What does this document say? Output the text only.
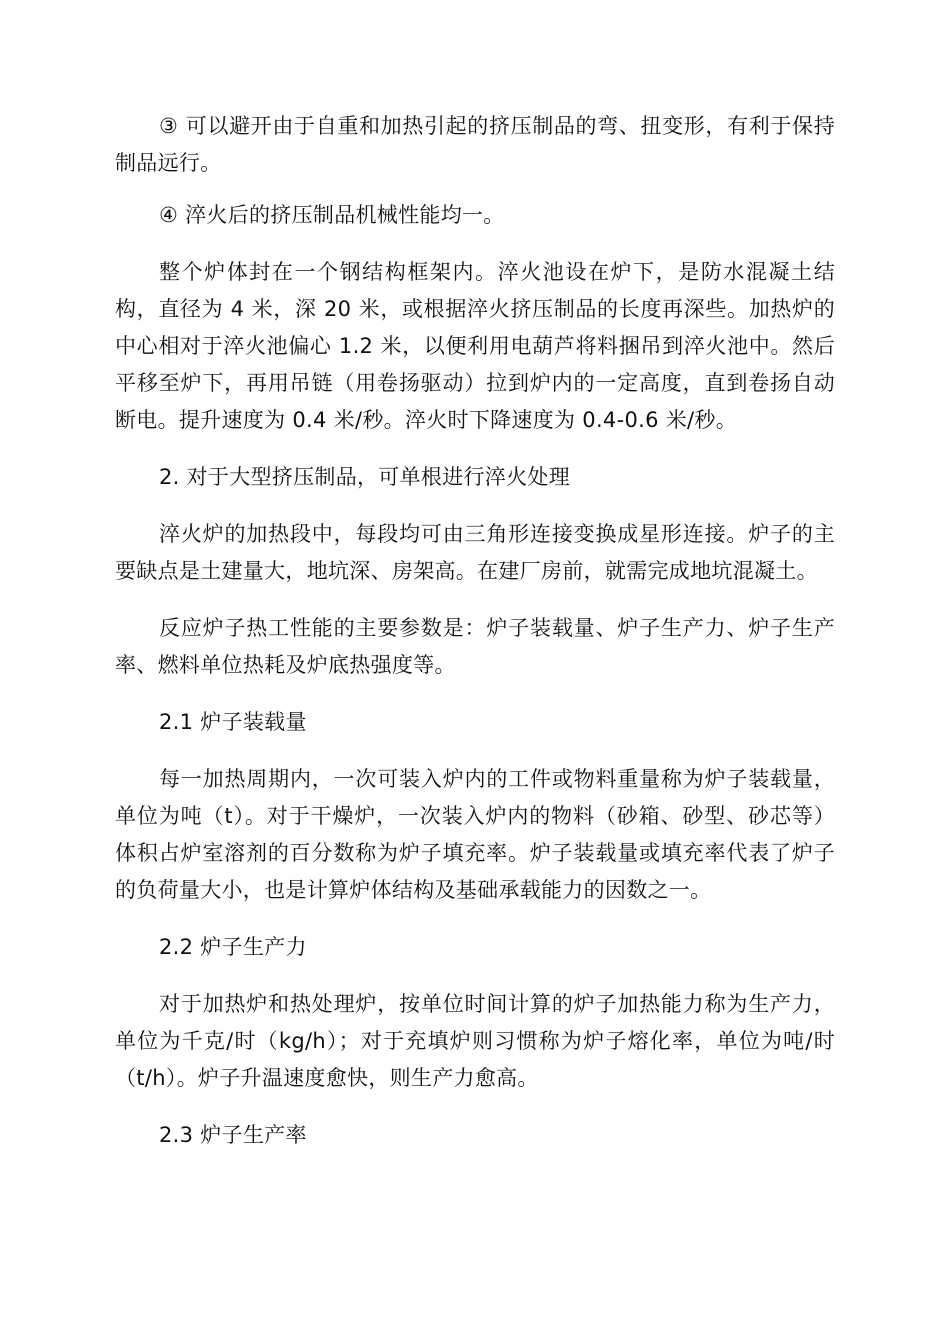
③ 可以避开由于自重和加热引起的挤压制品的弯、扭变形，有利于保持制品远行。

④ 淬火后的挤压制品机械性能均一。

整个炉体封在一个钢结构框架内。淬火池设在炉下，是防水混凝土结构，直径为 4 米，深 20 米，或根据淬火挤压制品的长度再深些。加热炉的中心相对于淬火池偏心 1.2 米，以便利用电葫芦将料捆吊到淬火池中。然后平移至炉下，再用吊链（用卷扬驱动）拉到炉内的一定高度，直到卷扬自动断电。提升速度为 0.4 米/秒。淬火时下降速度为 0.4-0.6 米/秒。

2. 对于大型挤压制品，可单根进行淬火处理

淬火炉的加热段中，每段均可由三角形连接变换成星形连接。炉子的主要缺点是土建量大，地坑深、房架高。在建厂房前，就需完成地坑混凝土。

反应炉子热工性能的主要参数是：炉子装载量、炉子生产力、炉子生产率、燃料单位热耗及炉底热强度等。

2.1 炉子装载量

每一加热周期内，一次可装入炉内的工件或物料重量称为炉子装载量，单位为吨（t）。对于干燥炉，一次装入炉内的物料（砂箱、砂型、砂芯等）体积占炉室溶剂的百分数称为炉子填充率。炉子装载量或填充率代表了炉子的负荷量大小，也是计算炉体结构及基础承载能力的因数之一。

2.2 炉子生产力

对于加热炉和热处理炉，按单位时间计算的炉子加热能力称为生产力，单位为千克/时（kg/h）；对于充填炉则习惯称为炉子熔化率，单位为吨/时（t/h）。炉子升温速度愈快，则生产力愈高。

2.3 炉子生产率
